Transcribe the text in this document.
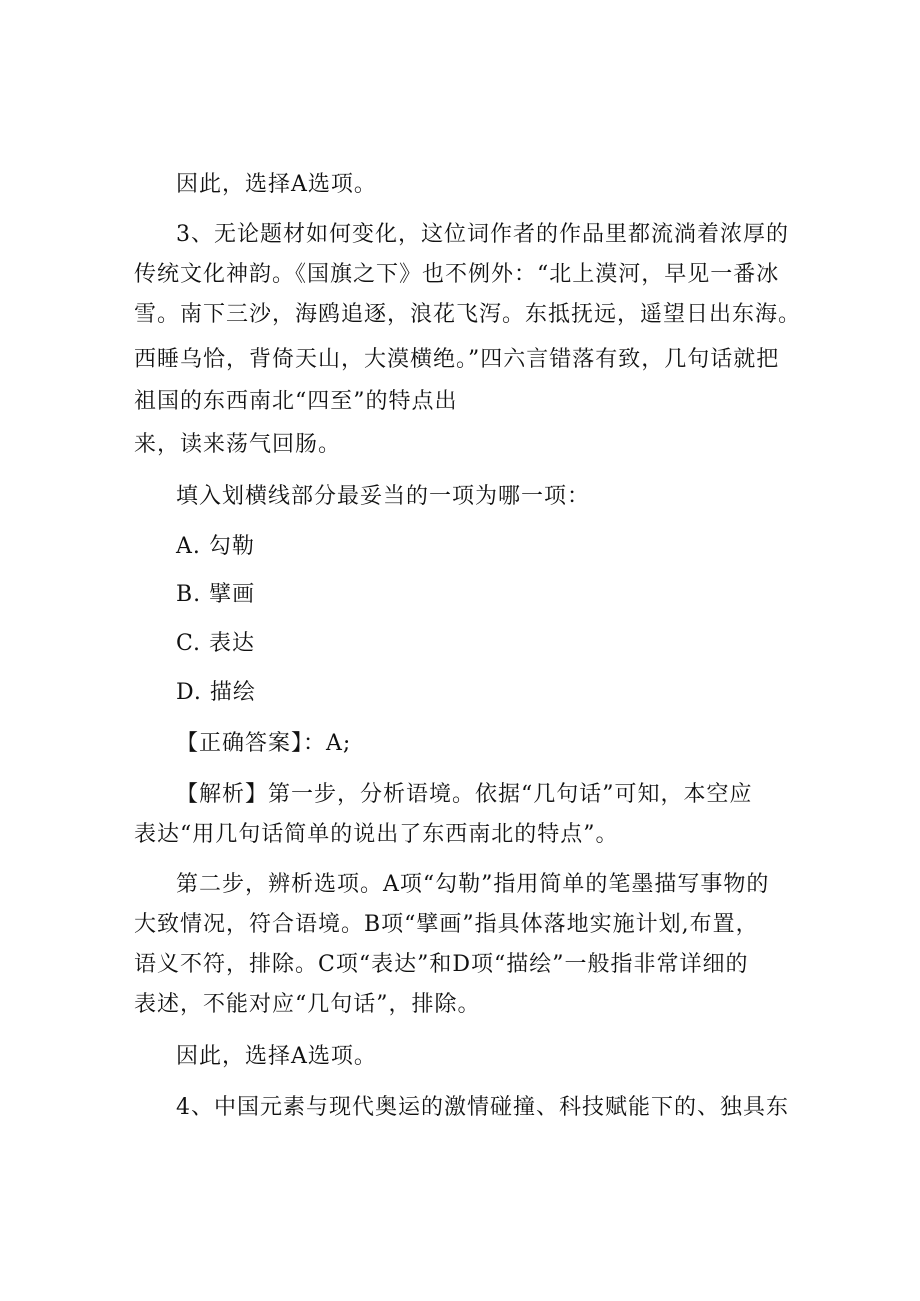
因此，选择A选项。
3、无论题材如何变化，这位词作者的作品里都流淌着浓厚的
传统文化神韵。《国旗之下》也不例外：“北上漠河，早见一番冰
雪。南下三沙，海鸥追逐，浪花飞泻。东抵抚远，遥望日出东海。
西睡乌恰，背倚天山，大漠横绝。”四六言错落有致，几句话就把
祖国的东西南北“四至”的特点出
来，读来荡气回肠。
填入划横线部分最妥当的一项为哪一项：
A. 勾勒
B. 擘画
C. 表达
D. 描绘
【正确答案】：A;
【解析】第一步，分析语境。依据“几句话”可知，本空应
表达“用几句话简单的说出了东西南北的特点”。
第二步，辨析选项。A项“勾勒”指用简单的笔墨描写事物的
大致情况，符合语境。B项“擘画”指具体落地实施计划,布置，
语义不符，排除。C项“表达”和D项“描绘”一般指非常详细的
表述，不能对应“几句话”，排除。
因此，选择A选项。
4、中国元素与现代奥运的激情碰撞、科技赋能下的、独具东
